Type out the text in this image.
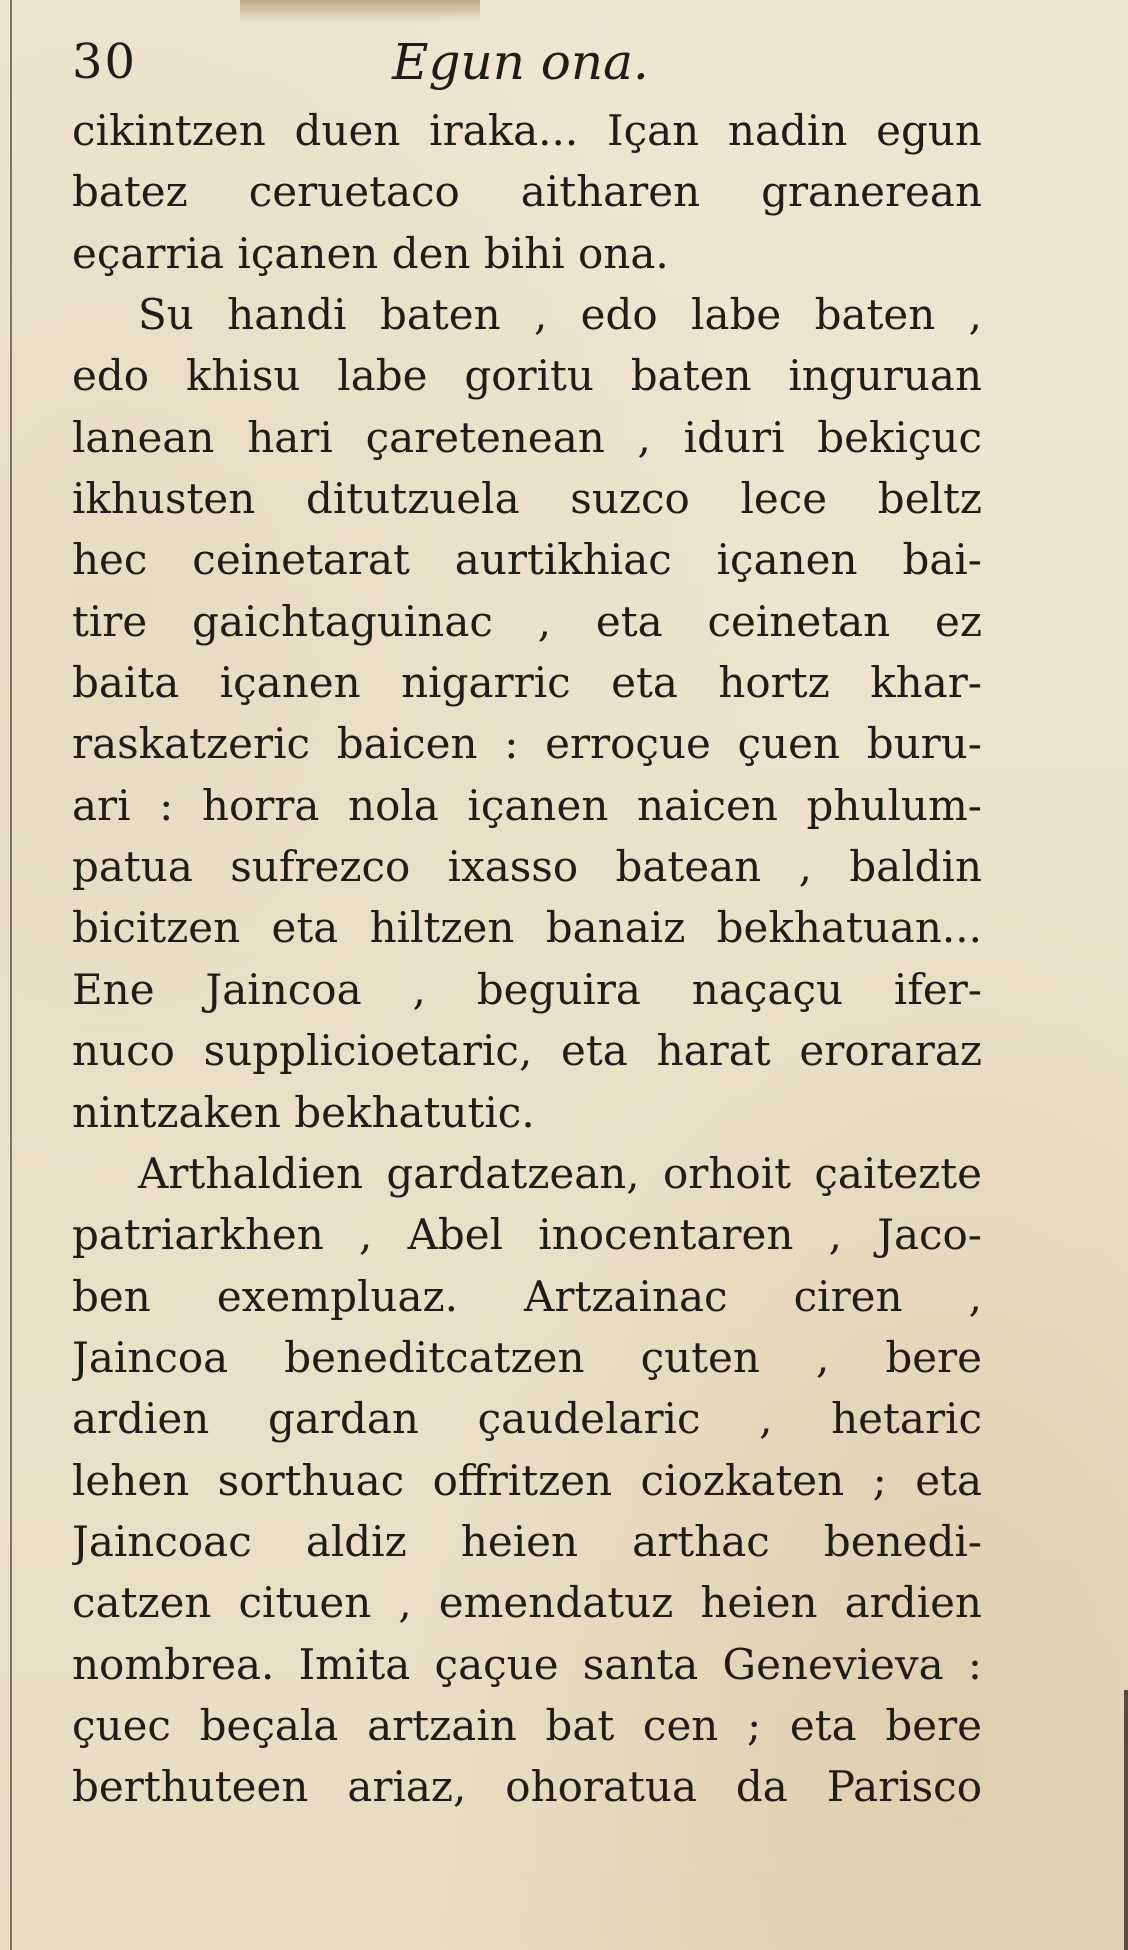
30	Egun ona.
cikintzen duen iraka... Içan nadin egun
batez ceruetaco aitharen granerean
eçarria içanen den bihi ona.
Su handi baten , edo labe baten ,
edo khisu labe goritu baten inguruan
lanean hari çaretenean , iduri bekiçuc
ikhusten ditutzuela suzco lece beltz
hec ceinetarat aurtikhiac içanen bai-
tire gaichtaguinac , eta ceinetan ez
baita içanen nigarric eta hortz khar-
raskatzeric baicen : erroçue çuen buru-
ari : horra nola içanen naicen phulum-
patua sufrezco ixasso batean , baldin
bicitzen eta hiltzen banaiz bekhatuan...
Ene Jaincoa , beguira naçaçu ifer-
nuco supplicioetaric, eta harat eroraraz
nintzaken bekhatutic.
Arthaldien gardatzean, orhoit çaitezte
patriarkhen , Abel inocentaren , Jaco-
ben exempluaz. Artzainac ciren ,
Jaincoa beneditcatzen çuten , bere
ardien gardan çaudelaric , hetaric
lehen sorthuac offritzen ciozkaten ; eta
Jaincoac aldiz heien arthac benedi-
catzen cituen , emendatuz heien ardien
nombrea. Imita çaçue santa Genevieva :
çuec beçala artzain bat cen ; eta bere
berthuteen ariaz, ohoratua da Parisco
